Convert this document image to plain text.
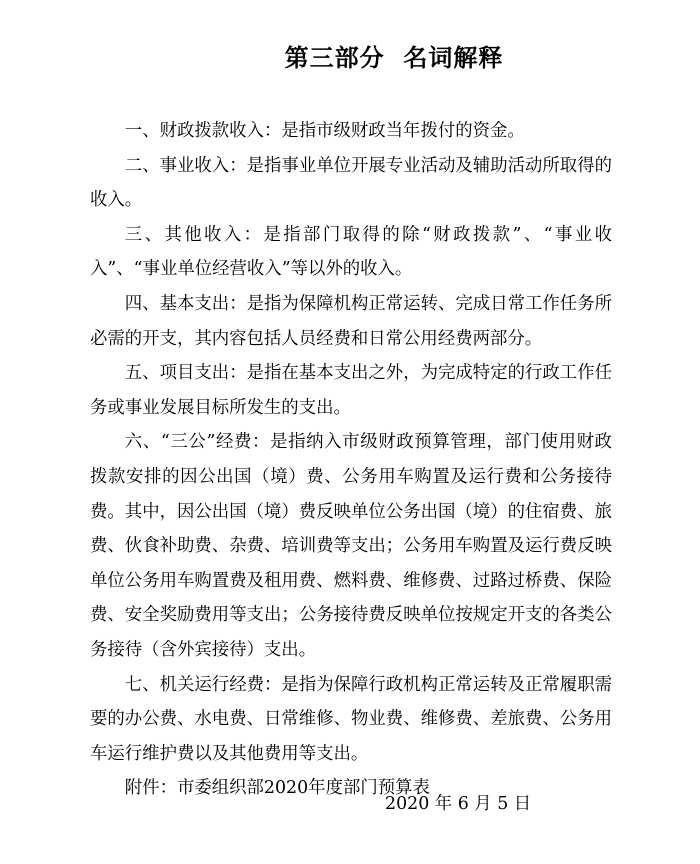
第三部分  名词解释

一、财政拨款收入：是指市级财政当年拨付的资金。

二、事业收入：是指事业单位开展专业活动及辅助活动所取得的收入。

三、其他收入：是指部门取得的除“财政拨款”、“事业收入”、“事业单位经营收入”等以外的收入。

四、基本支出：是指为保障机构正常运转、完成日常工作任务所必需的开支，其内容包括人员经费和日常公用经费两部分。

五、项目支出：是指在基本支出之外，为完成特定的行政工作任务或事业发展目标所发生的支出。

六、“三公”经费：是指纳入市级财政预算管理，部门使用财政拨款安排的因公出国（境）费、公务用车购置及运行费和公务接待费。其中，因公出国（境）费反映单位公务出国（境）的住宿费、旅费、伙食补助费、杂费、培训费等支出；公务用车购置及运行费反映单位公务用车购置费及租用费、燃料费、维修费、过路过桥费、保险费、安全奖励费用等支出；公务接待费反映单位按规定开支的各类公务接待（含外宾接待）支出。

七、机关运行经费：是指为保障行政机构正常运转及正常履职需要的办公费、水电费、日常维修、物业费、维修费、差旅费、公务用车运行维护费以及其他费用等支出。

附件：市委组织部2020年度部门预算表

2020 年 6 月 5 日
